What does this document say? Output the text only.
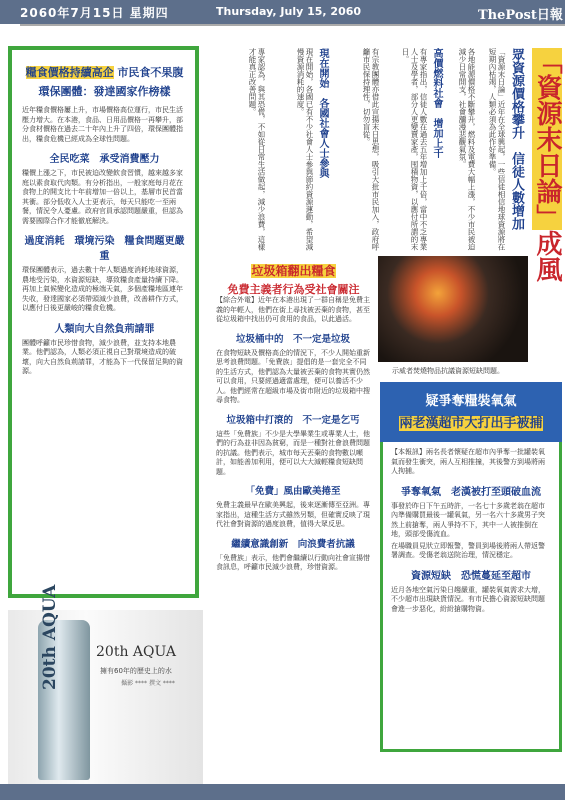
2060年7月15日 星期四	Thursday, July 15, 2060	ThePost日報
糧食價格持續高企 市民食不果腹
環保團體：發達國家作榜樣

近年糧食價格屢上升，市場價格高位運行，市民生活壓力增大。在本港，食品、日用品價格一再攀升，部分食材價格在過去二十年內上升了四倍，環保團體指出，糧食危機已經成為全球性問題。

全民吃菜　承受消費壓力

糧價上漲之下，市民被迫改變飲食習慣，越來越多家庭以素食取代肉類。有分析指出，一般家庭每月花在食物上的開支比十年前增加一倍以上，基層市民首當其衝。部分低收入人士更表示，每天只能吃一至兩餐，情況令人憂慮。政府官員承認問題嚴重，但認為需要國際合作才能徹底解決。

過度消耗　環境污染　糧食問題更嚴重

環保團體表示，過去數十年人類過度消耗地球資源，農地受污染，水資源短缺，導致糧食產量持續下降。再加上氣候變化造成的極端天氣，多個產糧地區連年失收，發達國家必須帶頭減少浪費，改善耕作方式，以應付日後更嚴峻的糧食危機。

人類向大自然負荊請罪

團體呼籲市民珍惜食物，減少浪費，並支持本地農業。他們認為，人類必須正視自己對環境造成的破壞，向大自然負荊請罪，才能為下一代保留足夠的資源。

20th AQUA	20th AQUA
擁有60年的歷史上的水
攝影 **** 撰文 ****
眾資源價格攀升　信徒人數增加
「資源末日論」近年在全球興起，一些信徒相信地球資源將在短期內枯竭，人類必須為此作好準備。
各地能源價格不斷攀升，燃料及電費大幅上漲，不少市民被迫減少日常開支，社會瀰漫悲觀氣氛。
高價燃料社會　增加上千
有專家指出，信徒人數在過去五年增加上千倍，當中不乏專業人士及學者，部分人更變賣家產，囤積物資，以應付所謂的末日。
有宗教團體亦借此宣揚末日思想，吸引大批市民加入，政府呼籲市民保持理性，切勿盲從。
現在開始　各國社會人士參與
現在開始，各國已有不少社會人士參與節約資源運動，希望減慢資源消耗的速度。
專家認為，與其恐慌，不如從日常生活做起，減少浪費，這樣才能真正改善問題。	「資源末日論」成風
示威者焚燒物品抗議資源短缺問題。
垃圾箱翻出糧食
免費主義者行為受社會關注

【綜合外電】近年在本港出現了一群自稱是免費主義的年輕人，他們在街上尋找被丟棄的食物，甚至從垃圾箱中找出仍可食用的食品，以此過活。

垃圾桶中的　不一定是垃圾

在食物短缺及價格高企的情況下，不少人開始重新思考浪費問題。「免費族」提倡的是一套完全不同的生活方式，他們認為大量被丟棄的食物其實仍然可以食用，只要經過適當處理，便可以養活不少人。他們經常在超級市場及街市附近的垃圾箱中搜尋食物。

垃圾箱中打滾的　不一定是乞丐

這些「免費族」不少是大學畢業生或專業人士，他們的行為並非因為貧窮，而是一種對社會浪費問題的抗議。他們表示，城市每天丟棄的食物數以噸計，如能善加利用，便可以大大減輕糧食短缺問題。

「免費」風由歐美捲至

免費主義最早在歐美興起，後來逐漸傳至亞洲。專家指出，這種生活方式雖然另類，但確實反映了現代社會對資源的過度浪費，值得大眾反思。

繼續意識創新　向浪費者抗議

「免費族」表示，他們會繼續以行動向社會宣揚惜食訊息，呼籲市民減少浪費，珍惜資源。

疑爭奪糧裝氧氣
兩老漢超市大打出手被捕

【本報訊】兩名長者懷疑在超市內爭奪一批罐裝氧氣而發生衝突，兩人互相推撞，其後警方到場將兩人拘捕。

爭奪氧氣　老漢被打至頭破血流

事發於昨日下午五時許，一名七十多歲老翁在超市內準備購買最後一罐氧氣，另一名六十多歲男子突然上前搶奪，兩人爭持不下，其中一人被推倒在地，頭部受傷流血。

在場職員見狀立即報警，警員到場後將兩人帶返警署調查。受傷老翁送院治理，情況穩定。

資源短缺　恐慌蔓延至超市

近月各地空氣污染日趨嚴重，罐裝氧氣需求大增，不少超市出現缺貨情況。有市民擔心資源短缺問題會進一步惡化，紛紛搶購物資。
